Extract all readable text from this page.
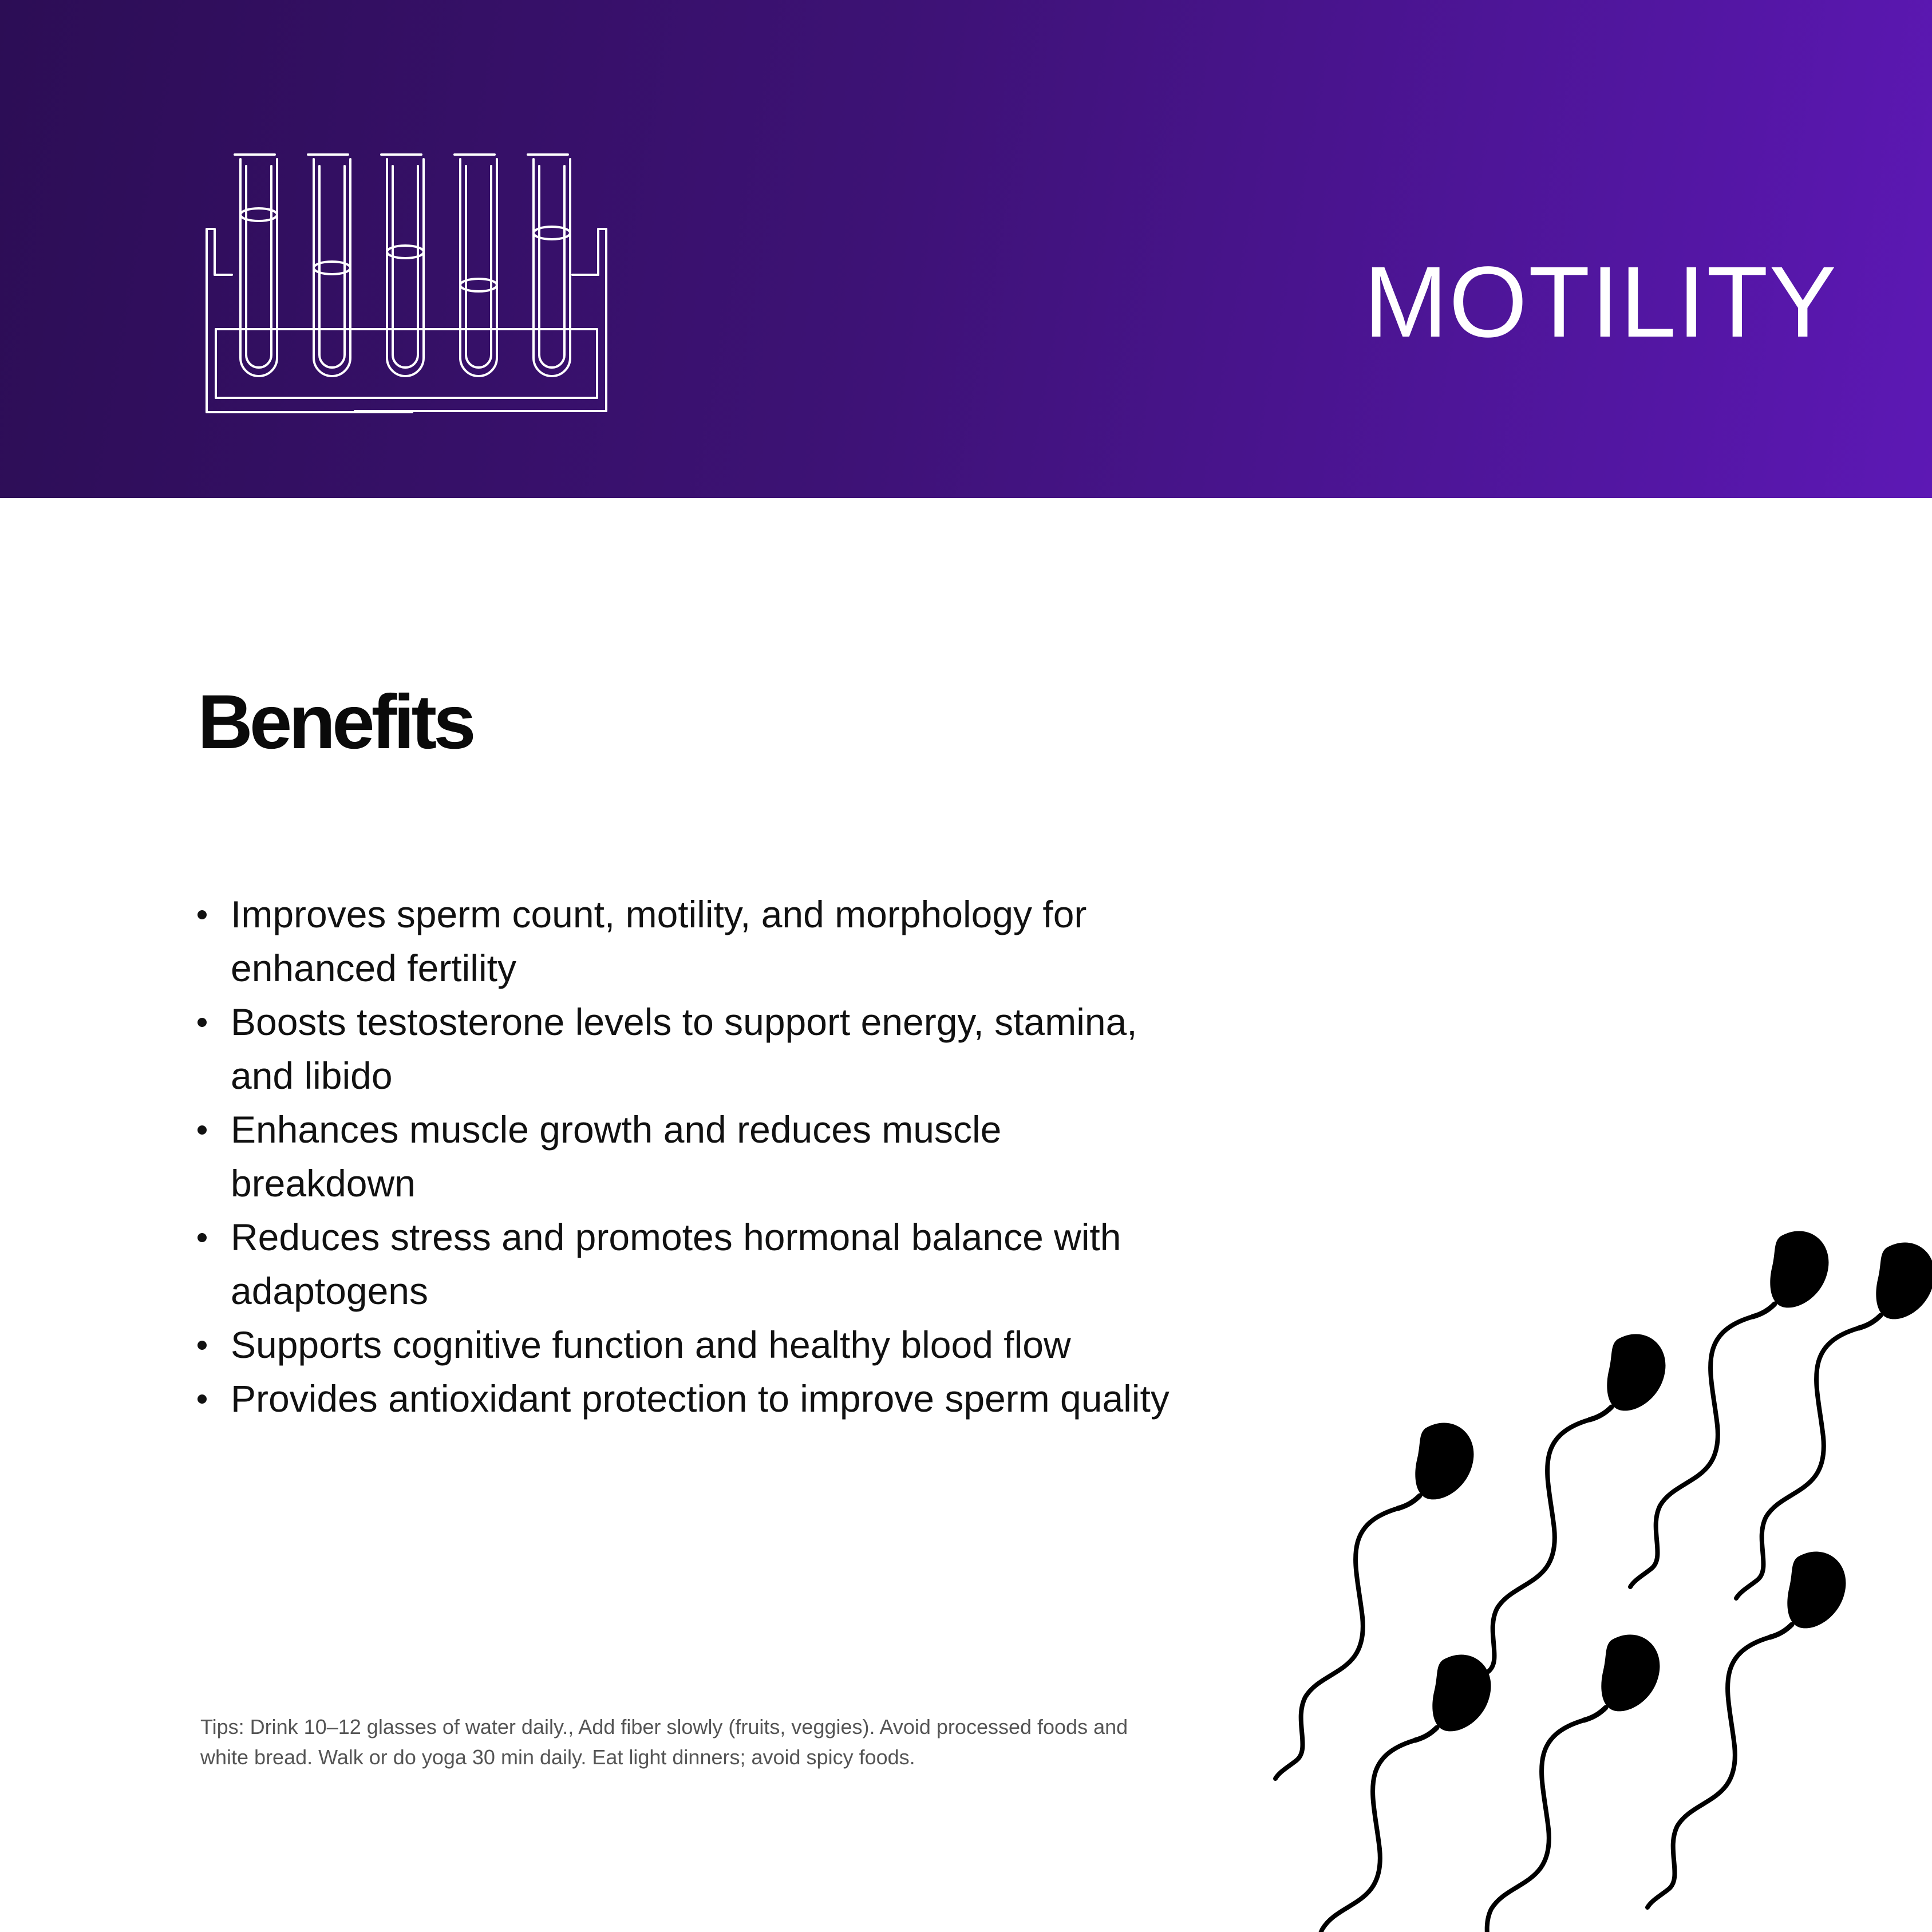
MOTILITY
Benefits
Improves sperm count, motility, and morphology for enhanced fertility
Boosts testosterone levels to support energy, stamina, and libido
Enhances muscle growth and reduces muscle breakdown
Reduces stress and promotes hormonal balance with adaptogens
Supports cognitive function and healthy blood flow
Provides antioxidant protection to improve sperm quality

Tips: Drink 10–12 glasses of water daily., Add fiber slowly (fruits, veggies). Avoid processed foods and white bread. Walk or do yoga 30 min daily. Eat light dinners; avoid spicy foods.
